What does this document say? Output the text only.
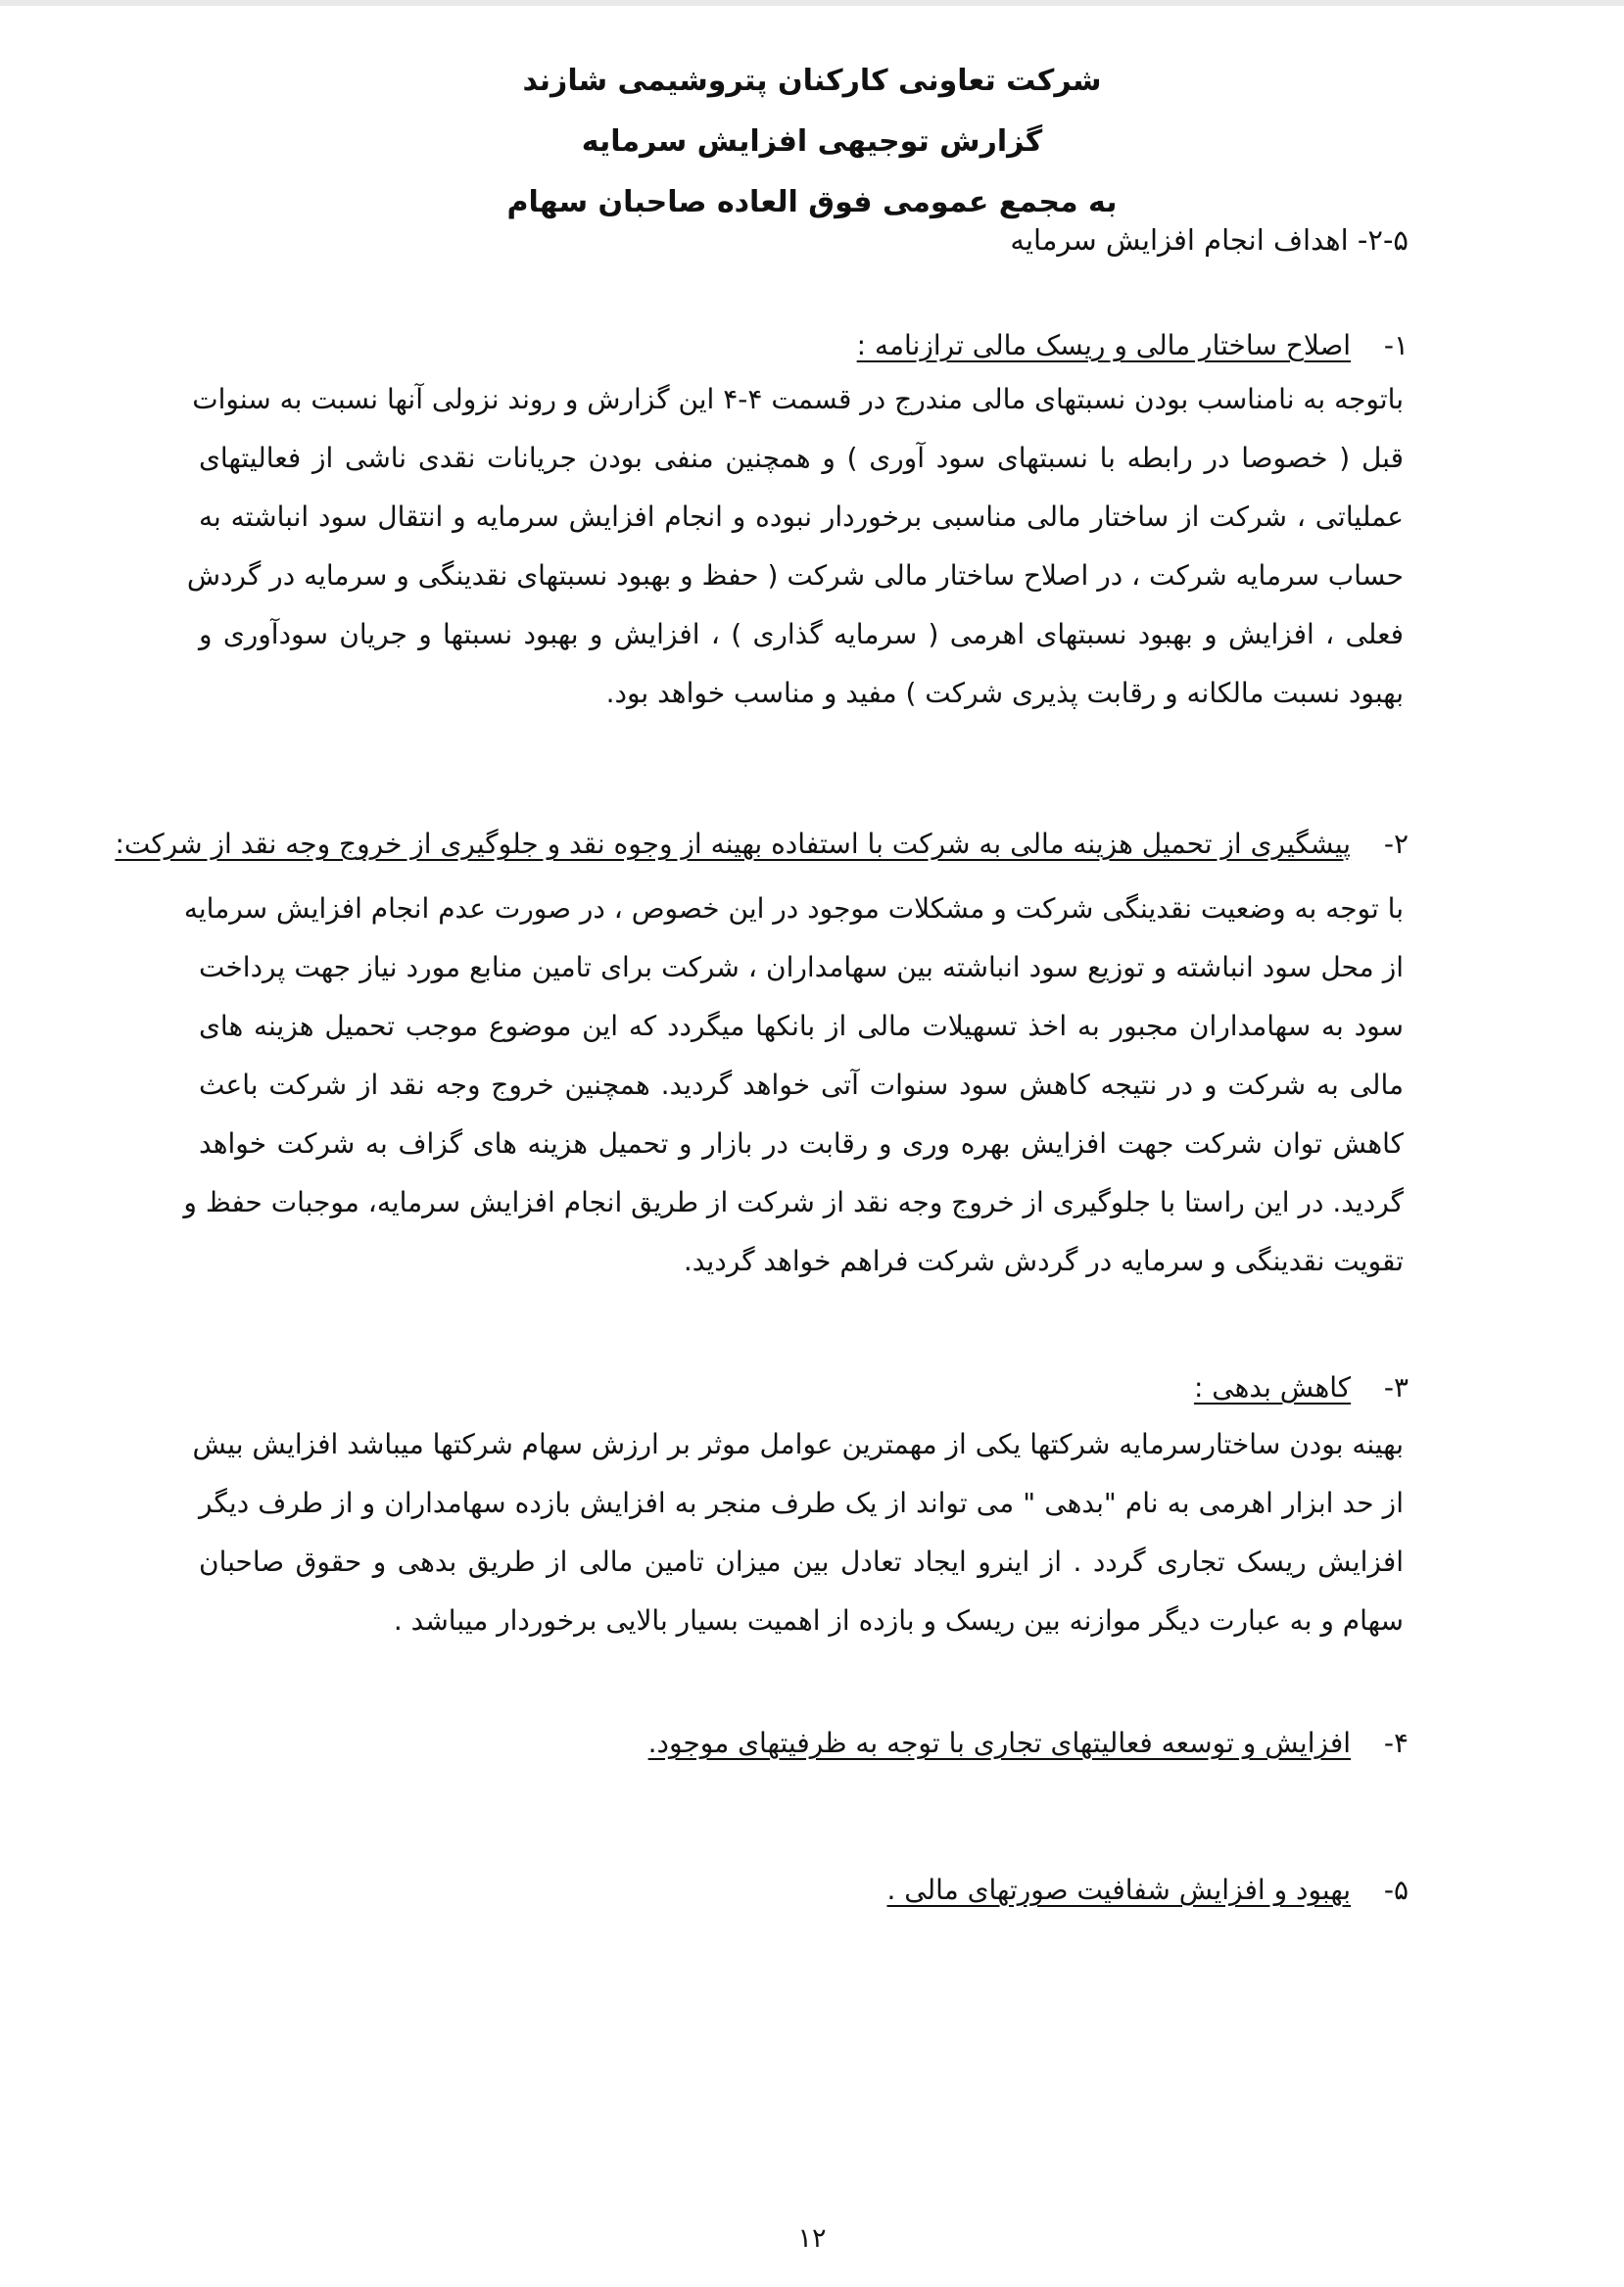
شرکت تعاونی کارکنان پتروشیمی شازند
گزارش توجیهی افزایش سرمایه
به مجمع عمومی فوق العاده صاحبان سهام
۲-۵- اهداف انجام افزایش سرمایه
۱- اصلاح ساختار مالی و ریسک مالی ترازنامه :
باتوجه به نامناسب بودن نسبتهای مالی مندرج در قسمت ۴-۴ این گزارش و روند نزولی آنها نسبت به سنوات
قبل ( خصوصا در رابطه با نسبتهای سود آوری ) و همچنین منفی بودن جریانات نقدی ناشی از فعالیتهای
عملیاتی ، شرکت از ساختار مالی مناسبی برخوردار نبوده و انجام افزایش سرمایه و انتقال سود انباشته به
حساب سرمایه شرکت ، در اصلاح ساختار مالی شرکت ( حفظ و بهبود نسبتهای نقدینگی و سرمایه در گردش
فعلی ، افزایش و بهبود نسبتهای اهرمی ( سرمایه گذاری ) ، افزایش و بهبود نسبتها و جریان سودآوری و
بهبود نسبت مالکانه و رقابت پذیری شرکت ) مفید و مناسب خواهد بود.
۲- پیشگیری از تحمیل هزینه مالی به شرکت با استفاده بهینه از وجوه نقد و جلوگیری از خروج وجه نقد از شرکت:
با توجه به وضعیت نقدینگی شرکت و مشکلات موجود در این خصوص ، در صورت عدم انجام افزایش سرمایه
از محل سود انباشته و توزیع سود انباشته بین سهامداران ، شرکت برای تامین منابع مورد نیاز جهت پرداخت
سود به سهامداران مجبور به اخذ تسهیلات مالی از بانکها میگردد که این موضوع موجب تحمیل هزینه های
مالی به شرکت و در نتیجه کاهش سود سنوات آتی خواهد گردید. همچنین خروج وجه نقد از شرکت باعث
کاهش توان شرکت جهت افزایش بهره وری و رقابت در بازار و تحمیل هزینه های گزاف به شرکت خواهد
گردید. در این راستا با جلوگیری از خروج وجه نقد از شرکت از طریق انجام افزایش سرمایه، موجبات حفظ و
تقویت نقدینگی و سرمایه در گردش شرکت فراهم خواهد گردید.
۳- کاهش بدهی :
بهینه بودن ساختارسرمایه شرکتها یکی از مهمترین عوامل موثر بر ارزش سهام شرکتها میباشد افزایش بیش
از حد ابزار اهرمی به نام "بدهی " می تواند از یک طرف منجر به افزایش بازده سهامداران و از طرف دیگر
افزایش ریسک تجاری گردد . از اینرو ایجاد تعادل بین میزان تامین مالی از طریق بدهی و حقوق صاحبان
سهام و به عبارت دیگر موازنه بین ریسک و بازده از اهمیت بسیار بالایی برخوردار میباشد .
۴- افزایش و توسعه فعالیتهای تجاری با توجه به ظرفیتهای موجود.
۵- بهبود و افزایش شفافیت صورتهای مالی .
۱۲
